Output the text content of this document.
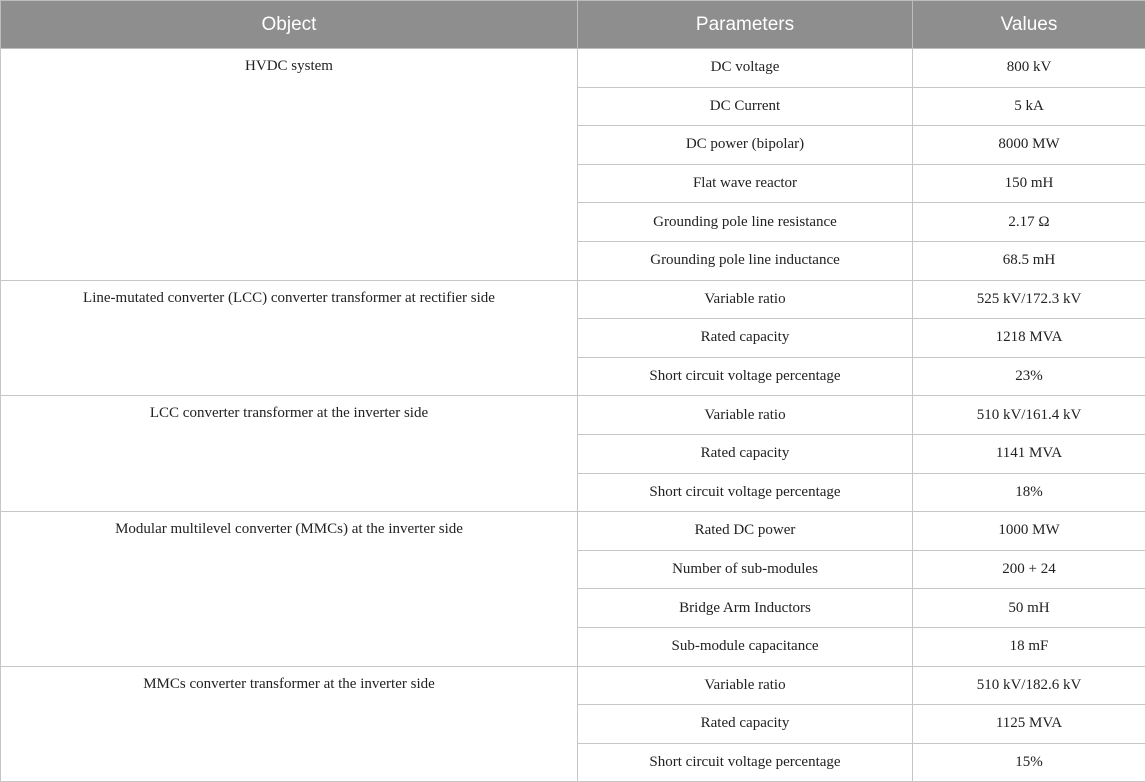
Object	Parameters	Values
HVDC system	DC voltage	800 kV
	DC Current	5 kA
	DC power (bipolar)	8000 MW
	Flat wave reactor	150 mH
	Grounding pole line resistance	2.17 Ω
	Grounding pole line inductance	68.5 mH
Line-mutated converter (LCC) converter transformer at rectifier side	Variable ratio	525 kV/172.3 kV
	Rated capacity	1218 MVA
	Short circuit voltage percentage	23%
LCC converter transformer at the inverter side	Variable ratio	510 kV/161.4 kV
	Rated capacity	1141 MVA
	Short circuit voltage percentage	18%
Modular multilevel converter (MMCs) at the inverter side	Rated DC power	1000 MW
	Number of sub-modules	200 + 24
	Bridge Arm Inductors	50 mH
	Sub-module capacitance	18 mF
MMCs converter transformer at the inverter side	Variable ratio	510 kV/182.6 kV
	Rated capacity	1125 MVA
	Short circuit voltage percentage	15%
